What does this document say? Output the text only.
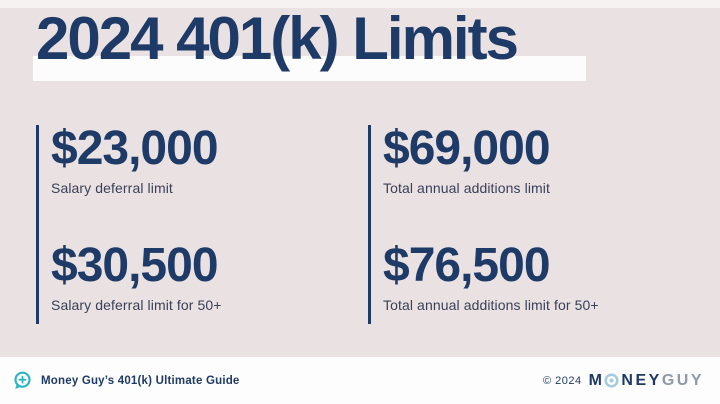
2024 401(k) Limits
$23,000
Salary deferral limit
$30,500
Salary deferral limit for 50+
$69,000
Total annual additions limit
$76,500
Total annual additions limit for 50+
Money Guy’s 401(k) Ultimate Guide	© 2024 M NEY GUY
